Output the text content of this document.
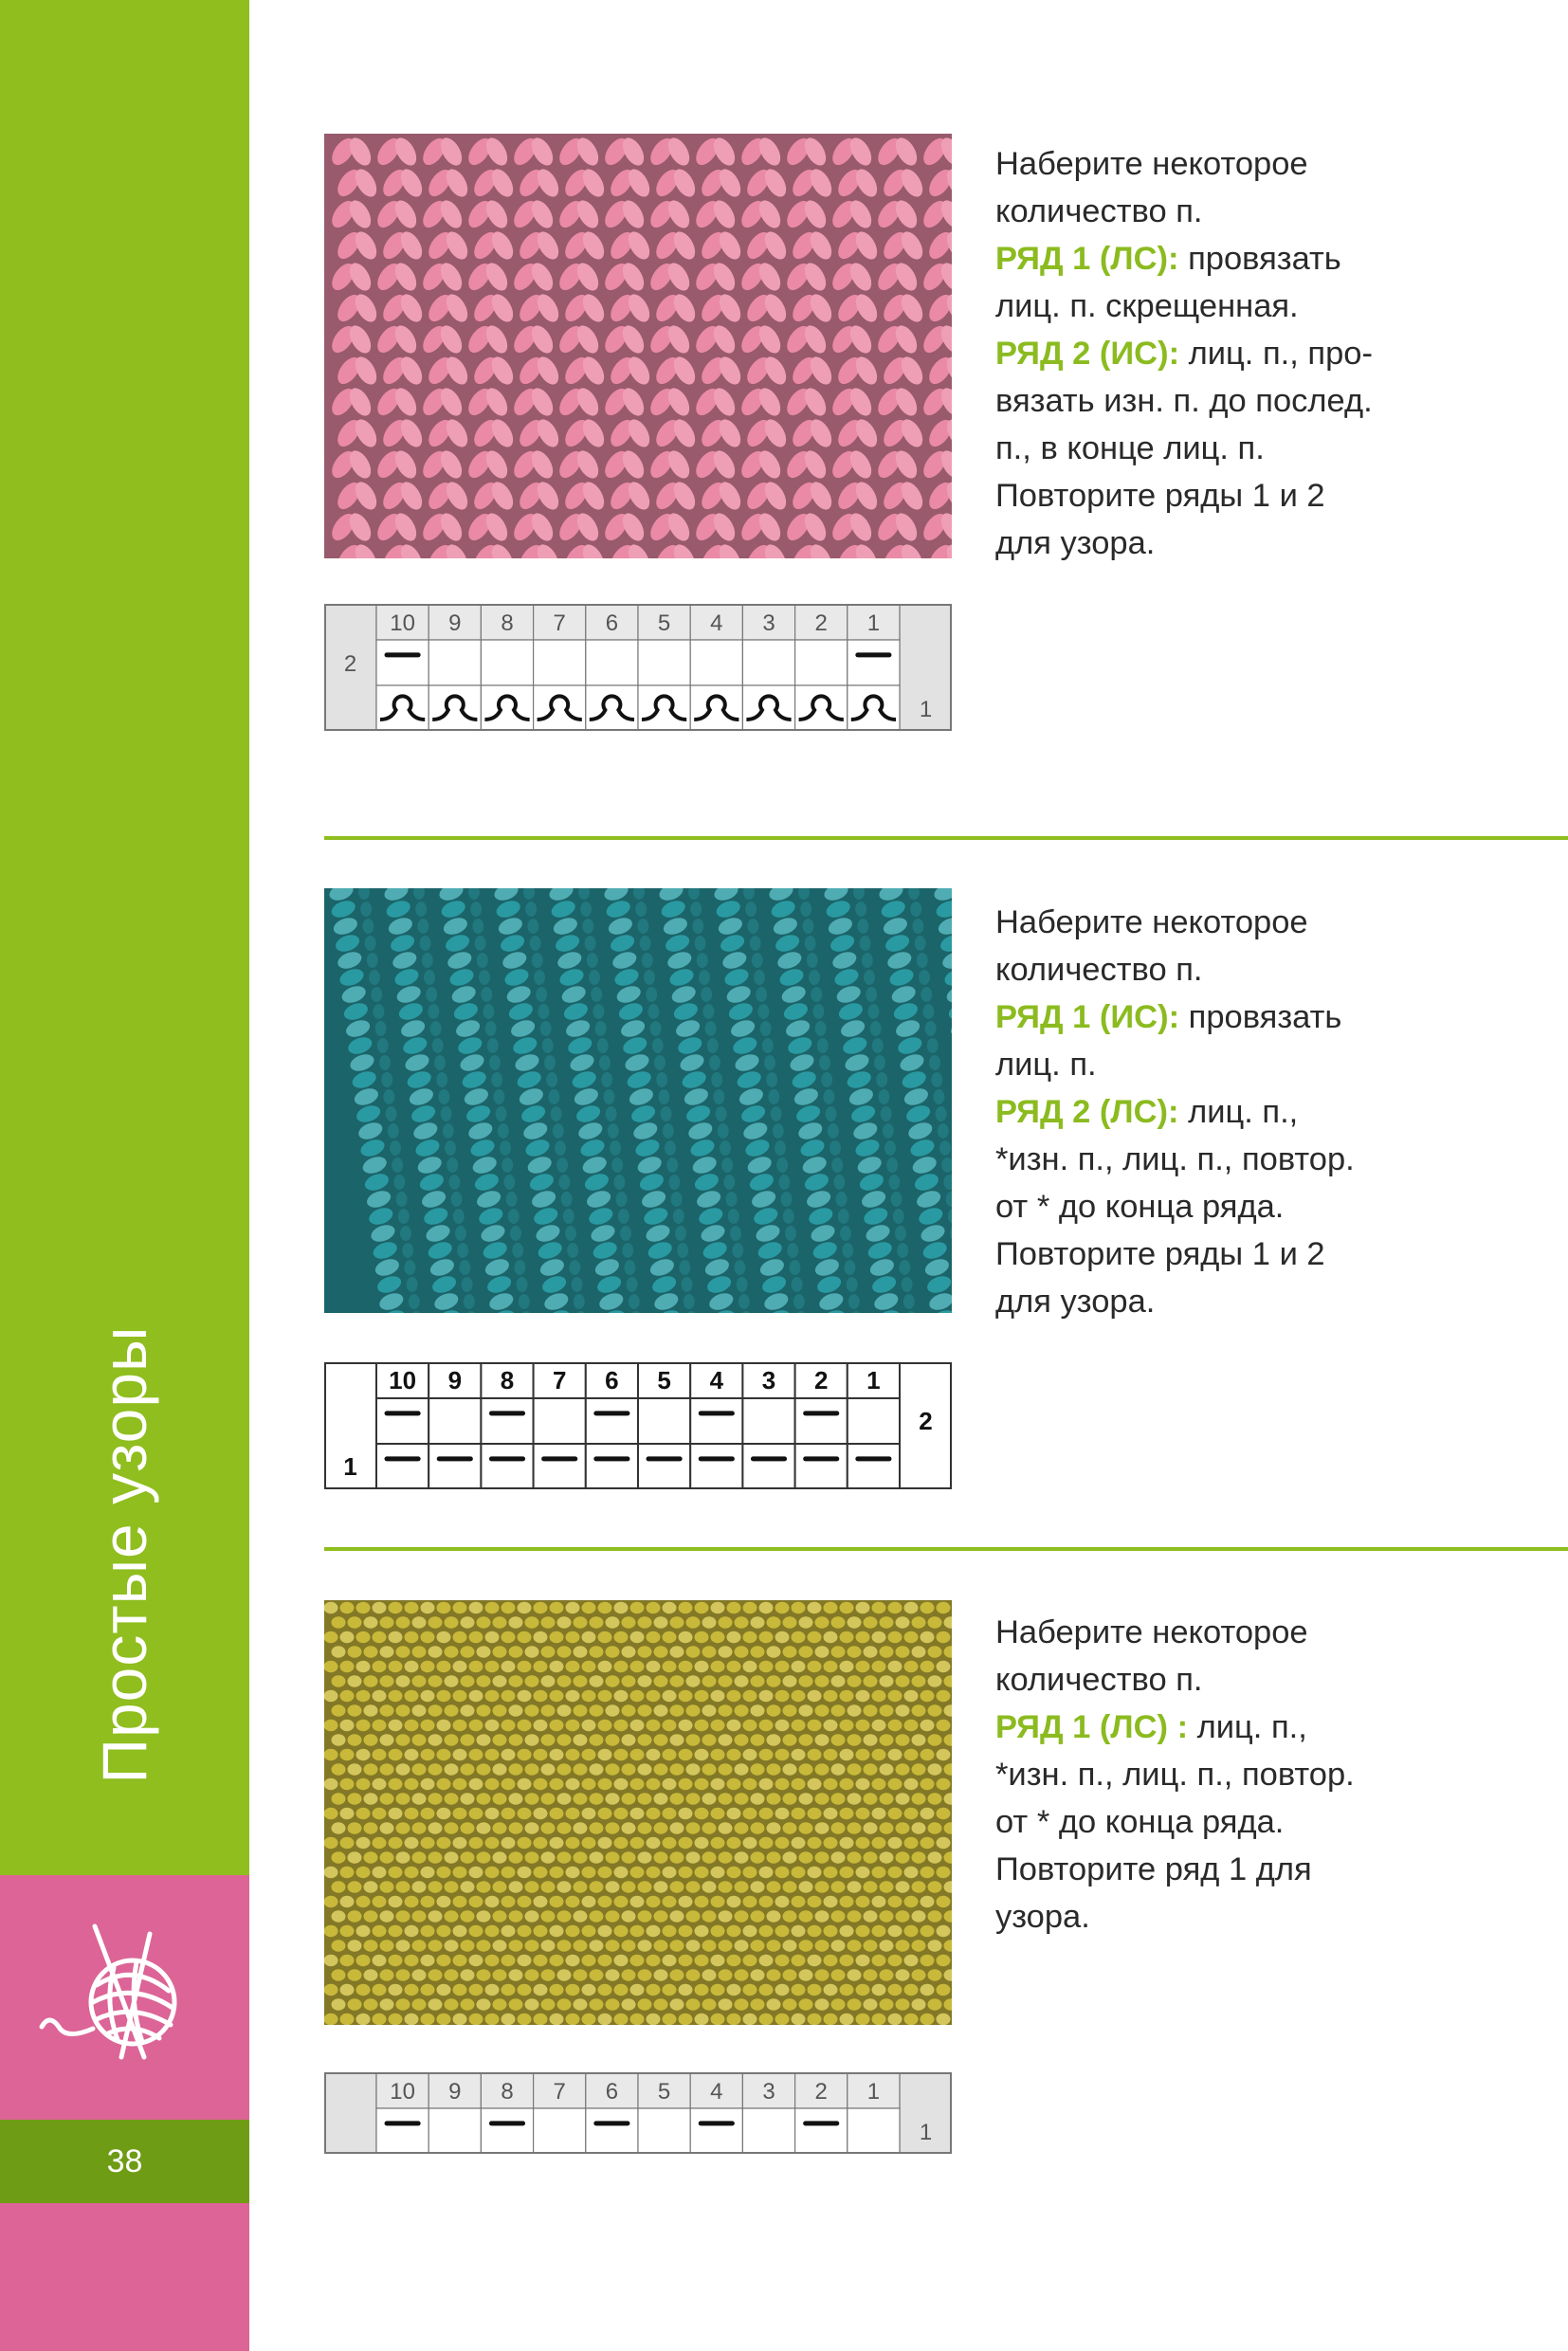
Простые узоры
38

Наберите некоторое

количество п.

РЯД 1 (ЛС): провязать

лиц. п. скрещенная.

РЯД 2 (ИС): лиц. п., про-

вязать изн. п. до послед.

п., в конце лиц. п.

Повторите ряды 1 и 2

для узора.

10 9 8 7 6 5 4 3 2 1
2
1

Наберите некоторое

количество п.

РЯД 1 (ИС): провязать

лиц. п.

РЯД 2 (ЛС): лиц. п.,

*изн. п., лиц. п., повтор.

от * до конца ряда.

Повторите ряды 1 и 2

для узора.

10 9 8 7 6 5 4 3 2 1
2
1

Наберите некоторое

количество п.

РЯД 1 (ЛС) : лиц. п.,

*изн. п., лиц. п., повтор.

от * до конца ряда.

Повторите ряд 1 для

узора.

10 9 8 7 6 5 4 3 2 1
1
